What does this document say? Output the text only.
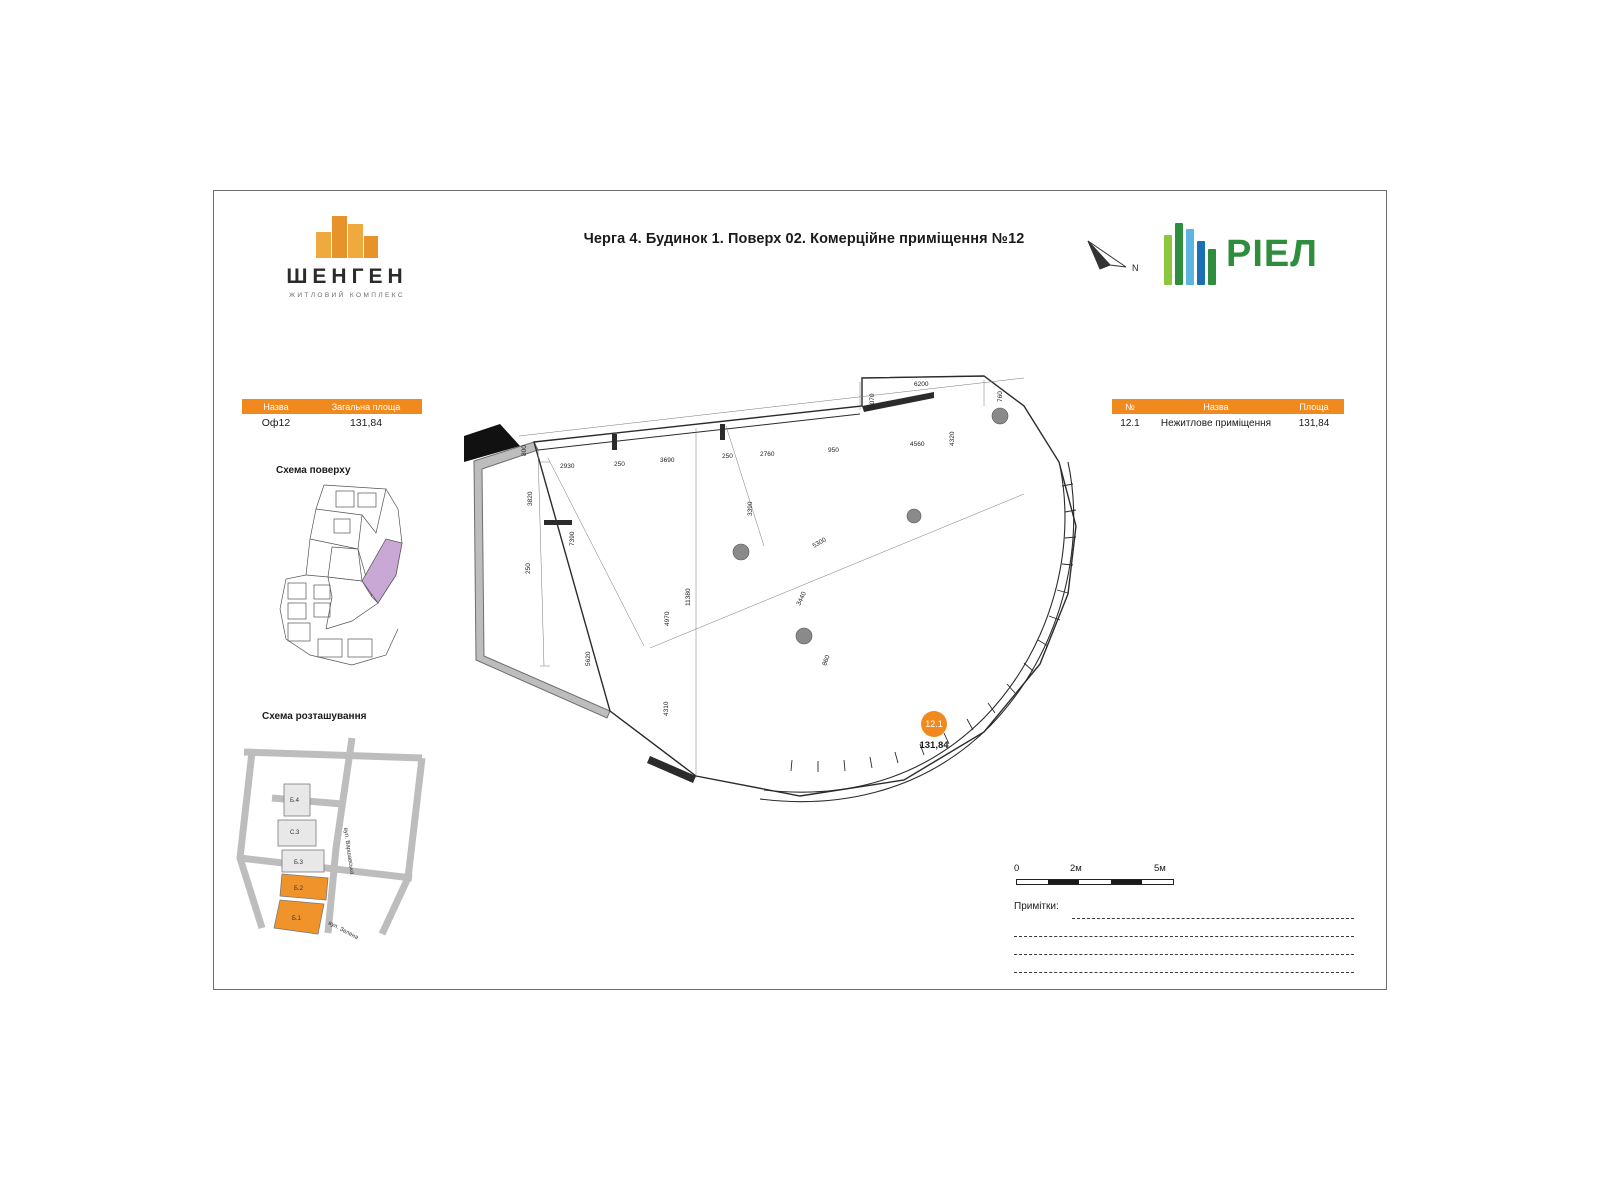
Черга 4. Будинок 1. Поверх 02. Комерційне приміщення №12
ШЕНГЕН
ЖИТЛОВИЙ КОМПЛЕКС
N РІЕЛ
Назва	Загальна площа
Оф12	131,84
Схема поверху
Схема розташування
Б.4
С.3
Б.3
Б.2
Б.1
вул. Варшавська
вул. Зелена
№	Назва	Площа
12.1	Нежитлове приміщення	131,84
0	2м	5м
Примітки:
6200
2070	760
800
2930	250
3690
250	2760
950
4560	4320
3820
250
7390
5620
4970
11380
4310
3390
5300
3440
860
12.1
131,84
